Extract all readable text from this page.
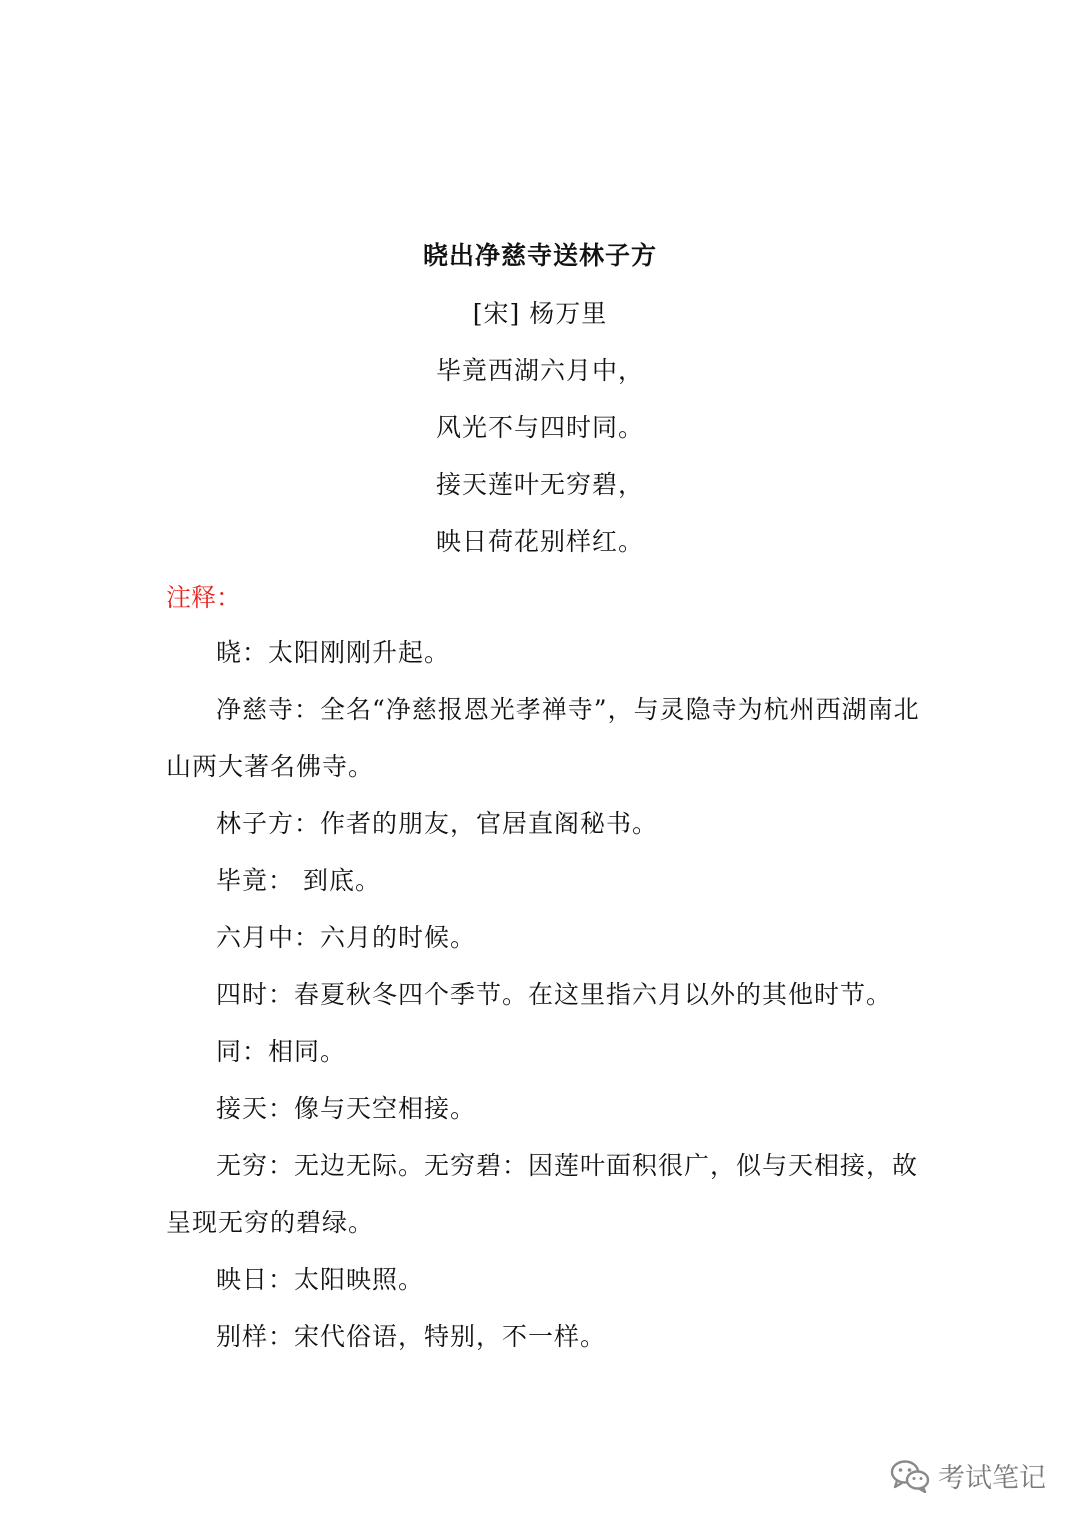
晓出净慈寺送林子方
[宋] 杨万里
毕竟西湖六月中，
风光不与四时同。
接天莲叶无穷碧，
映日荷花别样红。
注释：
晓：太阳刚刚升起。
净慈寺：全名“净慈报恩光孝禅寺”，与灵隐寺为杭州西湖南北山两大著名佛寺。
林子方：作者的朋友，官居直阁秘书。
毕竟： 到底。
六月中：六月的时候。
四时：春夏秋冬四个季节。在这里指六月以外的其他时节。
同：相同。
接天：像与天空相接。
无穷：无边无际。无穷碧：因莲叶面积很广，似与天相接，故呈现无穷的碧绿。
映日：太阳映照。
别样：宋代俗语，特别，不一样。
考试笔记
